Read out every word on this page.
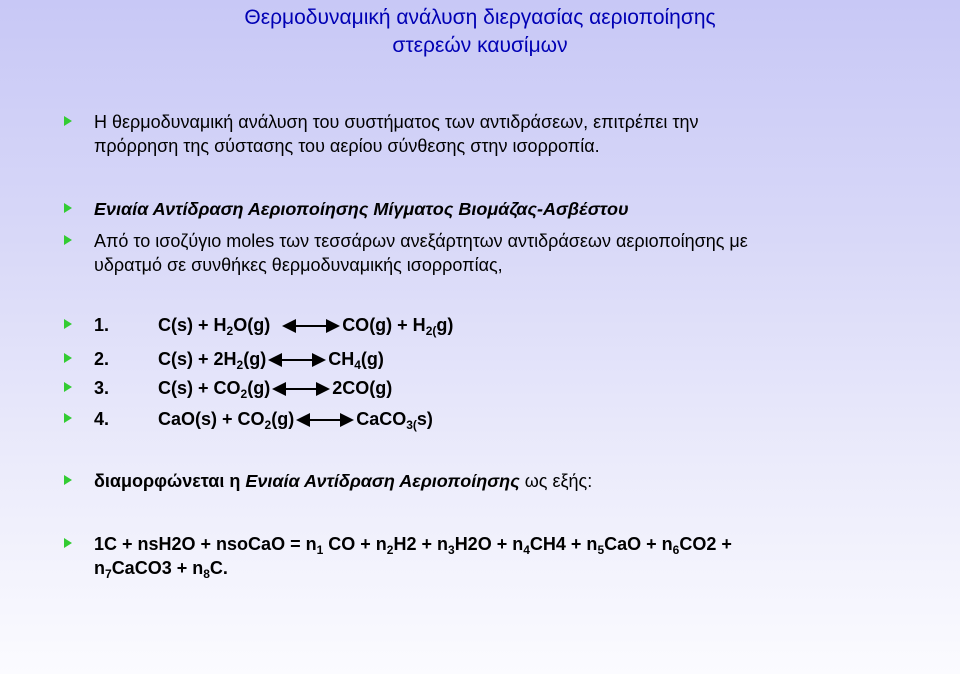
Θερμοδυναμική ανάλυση διεργασίας αεριοποίησης
στερεών καυσίμων
Η θερμοδυναμική ανάλυση του συστήματος των αντιδράσεων, επιτρέπει την
πρόρρηση της σύστασης του αερίου σύνθεσης στην ισορροπία.
Ενιαία Αντίδραση Αεριοποίησης Μίγματος Βιομάζας-Ασβέστου
Από το ισοζύγιο moles των τεσσάρων ανεξάρτητων αντιδράσεων αεριοποίησης με
υδρατμό σε συνθήκες θερμοδυναμικής ισορροπίας,
1.	$C(s) + H_2O(g)$	$CO(g) + H_{2(}g$)
2.	$C(s) + 2H_2(g)$	$CH_4(g)$
3.	$C(s) + CO_2(g)$	2CO(g)
4.	$CaO(s) + CO_2(g)$	CaCO$_{3(}$s)
διαμορφώνεται η Ενιαία Αντίδραση Αεριοποίησης ως εξής:
1C + nsH2O + nsoCaO = $n_1$ CO + $n_2H2 + n_3H2O + n_4CH4 + n_5CaO + n_6CO2$ +
$n_7CaCO3 + n_8C$.
